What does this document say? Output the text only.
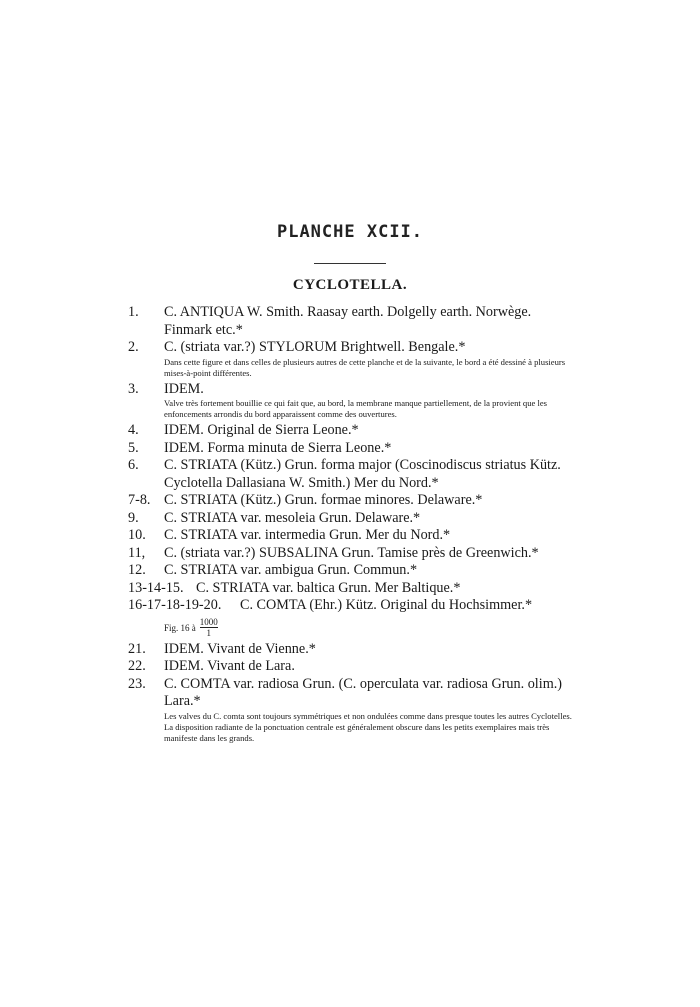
PLANCHE XCII.
CYCLOTELLA.
1.	C. ANTIQUA W. Smith. Raasay earth. Dolgelly earth. Norwège. Finmark etc.*
2.	C. (striata var.?) STYLORUM Brightwell. Bengale.*
Dans cette figure et dans celles de plusieurs autres de cette planche et de la suivante, le bord a été dessiné à plusieurs mises-à-point différentes.
3.	IDEM.
Valve très fortement bouillie ce qui fait que, au bord, la membrane manque partiellement, de la provient que les enfoncements arrondis du bord apparaissent comme des ouvertures.
4.	IDEM. Original de Sierra Leone.*
5.	IDEM. Forma minuta de Sierra Leone.*
6.	C. STRIATA (Kütz.) Grun. forma major (Coscinodiscus striatus Kütz. Cyclotella Dallasiana W. Smith.) Mer du Nord.*
7-8. C. STRIATA (Kütz.) Grun. formae minores. Delaware.*
9.	C. STRIATA var. mesoleia Grun. Delaware.*
10.	C. STRIATA var. intermedia Grun. Mer du Nord.*
11,	C. (striata var.?) SUBSALINA Grun. Tamise près de Greenwich.*
12.	C. STRIATA var. ambigua Grun. Commun.*
13-14-15. C. STRIATA var. baltica Grun. Mer Baltique.*
16-17-18-19-20.	C. COMTA (Ehr.) Kütz. Original du Hochsimmer.*
Fig. 16 à $\frac{1000}{1}$
21.	IDEM. Vivant de Vienne.*
22.	IDEM. Vivant de Lara.
23.	C. COMTA var. radiosa Grun. (C. operculata var. radiosa Grun. olim.) Lara.*
Les valves du C. comta sont toujours symmétriques et non ondulées comme dans presque toutes les autres Cyclotelles. La disposition radiante de la ponctuation centrale est généralement obscure dans les petits exemplaires mais très manifeste dans les grands.
